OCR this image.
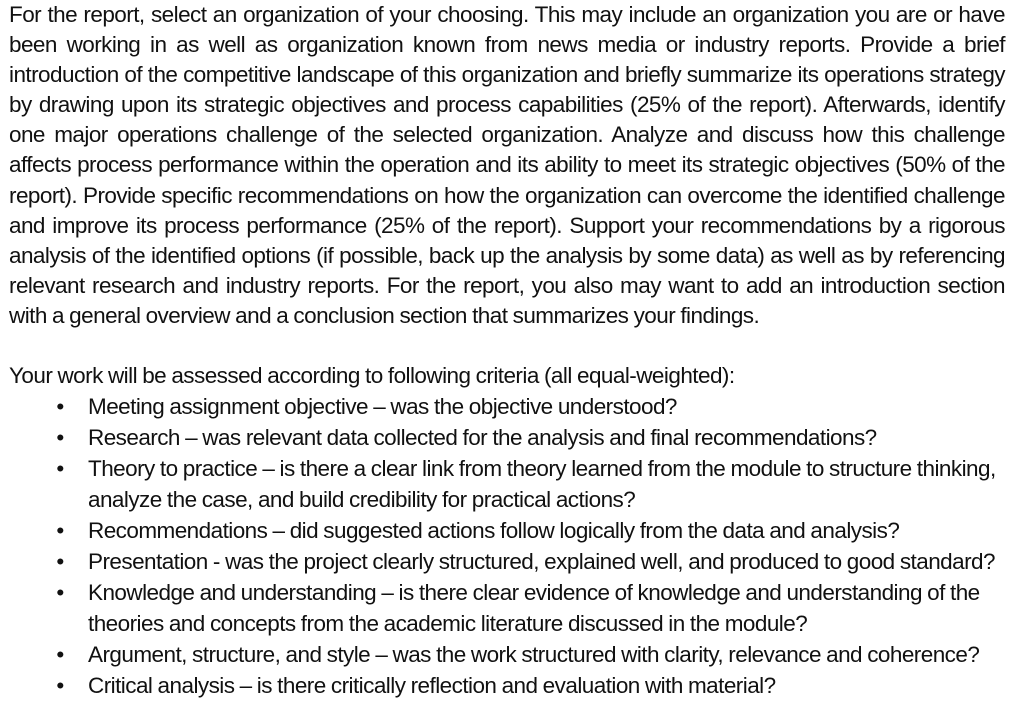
For the report, select an organization of your choosing. This may include an organization you are or have been working in as well as organization known from news media or industry reports. Provide a brief introduction of the competitive landscape of this organization and briefly summarize its operations strategy by drawing upon its strategic objectives and process capabilities (25% of the report). Afterwards, identify one major operations challenge of the selected organization. Analyze and discuss how this challenge affects process performance within the operation and its ability to meet its strategic objectives (50% of the report). Provide specific recommendations on how the organization can overcome the identified challenge and improve its process performance (25% of the report). Support your recommendations by a rigorous analysis of the identified options (if possible, back up the analysis by some data) as well as by referencing relevant research and industry reports. For the report, you also may want to add an introduction section with a general overview and a conclusion section that summarizes your findings.

Your work will be assessed according to following criteria (all equal-weighted):

• Meeting assignment objective – was the objective understood?
• Research – was relevant data collected for the analysis and final recommendations?
• Theory to practice – is there a clear link from theory learned from the module to structure thinking, analyze the case, and build credibility for practical actions?
• Recommendations – did suggested actions follow logically from the data and analysis?
• Presentation - was the project clearly structured, explained well, and produced to good standard?
• Knowledge and understanding – is there clear evidence of knowledge and understanding of the theories and concepts from the academic literature discussed in the module?
• Argument, structure, and style – was the work structured with clarity, relevance and coherence?
• Critical analysis – is there critically reflection and evaluation with material?
